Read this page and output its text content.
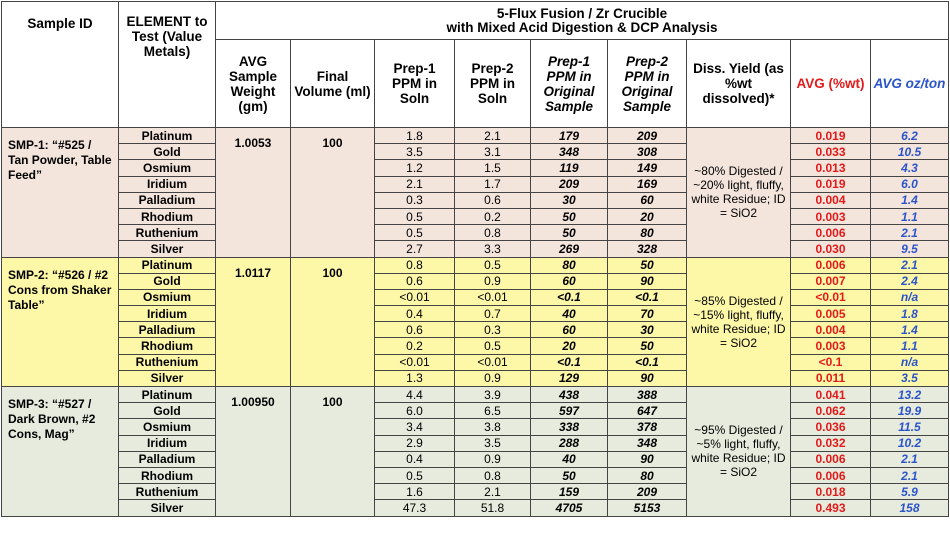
Sample ID	ELEMENT to Test (Value Metals)	5-Flux Fusion / Zr Crucible
with Mixed Acid Digestion & DCP Analysis								

		AVG Sample Weight (gm)	Final Volume (ml)	Prep-1 PPM in Soln	Prep-2 PPM in Soln	Prep-1 PPM in Original Sample	Prep-2 PPM in Original Sample	Diss. Yield (as %wt dissolved)*	AVG (%wt)	AVG oz/ton
SMP-1: “#525 / Tan Powder, Table Feed”	Platinum	1.0053	100	1.8	2.1	179	209	~80% Digested / ~20% light, fluffy, white Residue; ID = SiO2	0.019	6.2
	Gold			3.5	3.1	348	308		0.033	10.5
	Osmium			1.2	1.5	119	149		0.013	4.3
	Iridium			2.1	1.7	209	169		0.019	6.0
	Palladium			0.3	0.6	30	60		0.004	1.4
	Rhodium			0.5	0.2	50	20		0.003	1.1
	Ruthenium			0.5	0.8	50	80		0.006	2.1
	Silver			2.7	3.3	269	328		0.030	9.5
SMP-2: “#526 / #2 Cons from Shaker Table”	Platinum	1.0117	100	0.8	0.5	80	50	~85% Digested / ~15% light, fluffy, white Residue; ID = SiO2	0.006	2.1
	Gold			0.6	0.9	60	90		0.007	2.4
	Osmium			<0.01	<0.01	<0.1	<0.1		<0.01	n/a
	Iridium			0.4	0.7	40	70		0.005	1.8
	Palladium			0.6	0.3	60	30		0.004	1.4
	Rhodium			0.2	0.5	20	50		0.003	1.1
	Ruthenium			<0.01	<0.01	<0.1	<0.1		<0.1	n/a
	Silver			1.3	0.9	129	90		0.011	3.5
SMP-3: “#527 / Dark Brown, #2 Cons, Mag”	Platinum	1.00950	100	4.4	3.9	438	388	~95% Digested / ~5% light, fluffy, white Residue; ID = SiO2	0.041	13.2
	Gold			6.0	6.5	597	647		0.062	19.9
	Osmium			3.4	3.8	338	378		0.036	11.5
	Iridium			2.9	3.5	288	348		0.032	10.2
	Palladium			0.4	0.9	40	90		0.006	2.1
	Rhodium			0.5	0.8	50	80		0.006	2.1
	Ruthenium			1.6	2.1	159	209		0.018	5.9
	Silver			47.3	51.8	4705	5153		0.493	158
